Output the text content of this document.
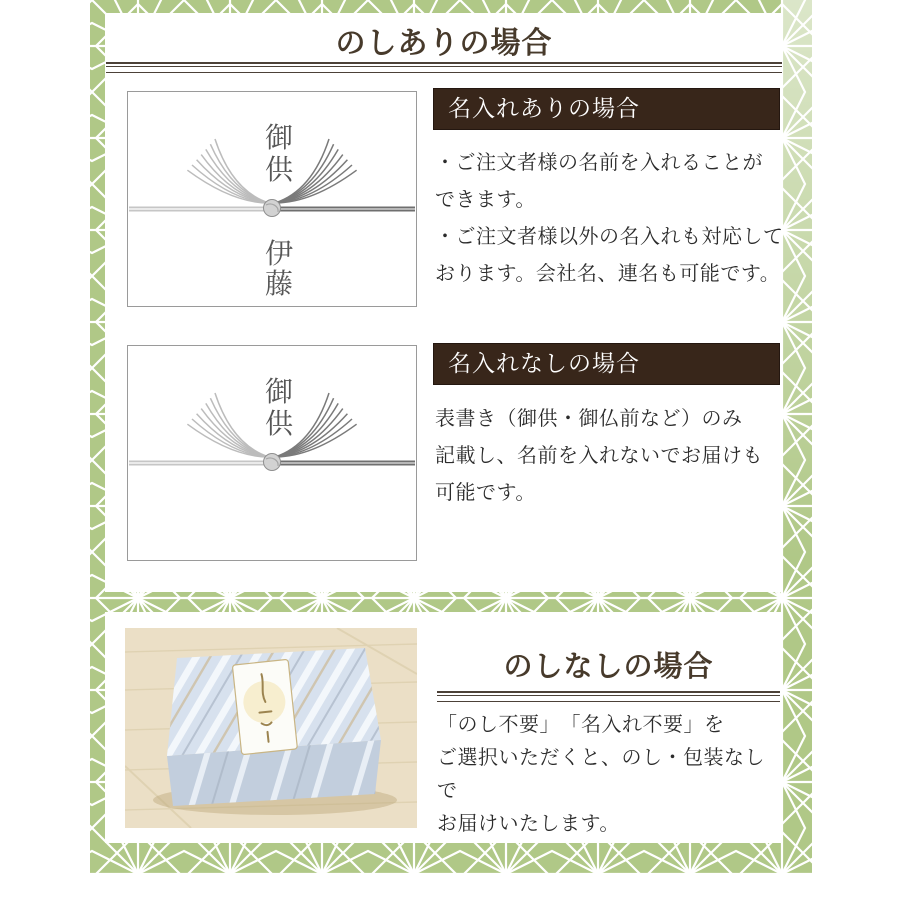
のしありの場合
御
供
伊
藤
名入れありの場合
・ご注文者様の名前を入れることが
できます。
・ご注文者様以外の名入れも対応して
おります。会社名、連名も可能です。
御
供
名入れなしの場合
表書き（御供・御仏前など）のみ
記載し、名前を入れないでお届けも
可能です。
のしなしの場合
「のし不要」　「名入れ不要」を
ご選択いただくと、のし・包装なしで
お届けいたします。
